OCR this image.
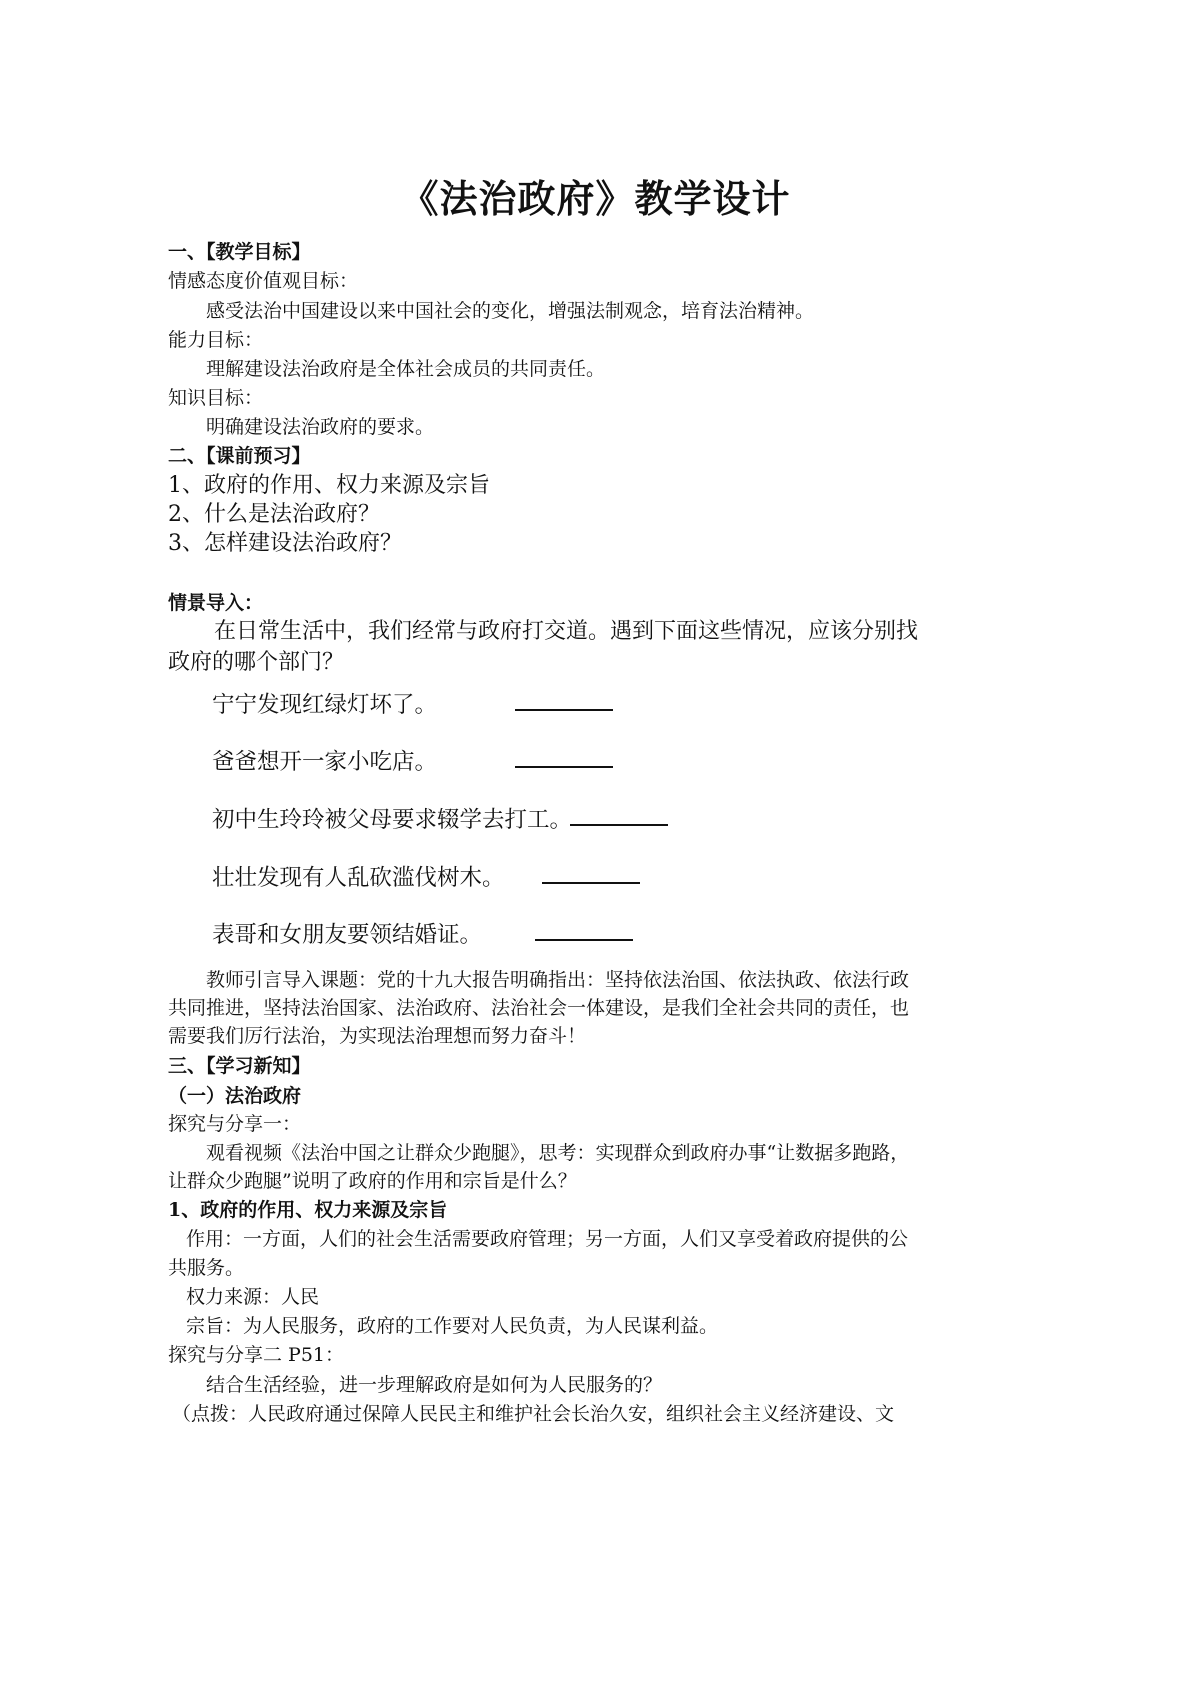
《法治政府》教学设计
一、【教学目标】
情感态度价值观目标：
感受法治中国建设以来中国社会的变化，增强法制观念，培育法治精神。
能力目标：
理解建设法治政府是全体社会成员的共同责任。
知识目标：
明确建设法治政府的要求。
二、【课前预习】
1、政府的作用、权力来源及宗旨
2、什么是法治政府？
3、怎样建设法治政府？
情景导入：
在日常生活中，我们经常与政府打交道。遇到下面这些情况，应该分别找
政府的哪个部门？
宁宁发现红绿灯坏了。
爸爸想开一家小吃店。
初中生玲玲被父母要求辍学去打工。
壮壮发现有人乱砍滥伐树木。
表哥和女朋友要领结婚证。
教师引言导入课题：党的十九大报告明确指出：坚持依法治国、依法执政、依法行政
共同推进，坚持法治国家、法治政府、法治社会一体建设，是我们全社会共同的责任，也
需要我们厉行法治，为实现法治理想而努力奋斗！
三、【学习新知】
（一）法治政府
探究与分享一：
观看视频《法治中国之让群众少跑腿》，思考：实现群众到政府办事“让数据多跑路，
让群众少跑腿”说明了政府的作用和宗旨是什么？
1、政府的作用、权力来源及宗旨
作用：一方面，人们的社会生活需要政府管理；另一方面，人们又享受着政府提供的公
共服务。
权力来源：人民
宗旨：为人民服务，政府的工作要对人民负责，为人民谋利益。
探究与分享二 P51：
结合生活经验，进一步理解政府是如何为人民服务的？
（点拨：人民政府通过保障人民民主和维护社会长治久安，组织社会主义经济建设、文
